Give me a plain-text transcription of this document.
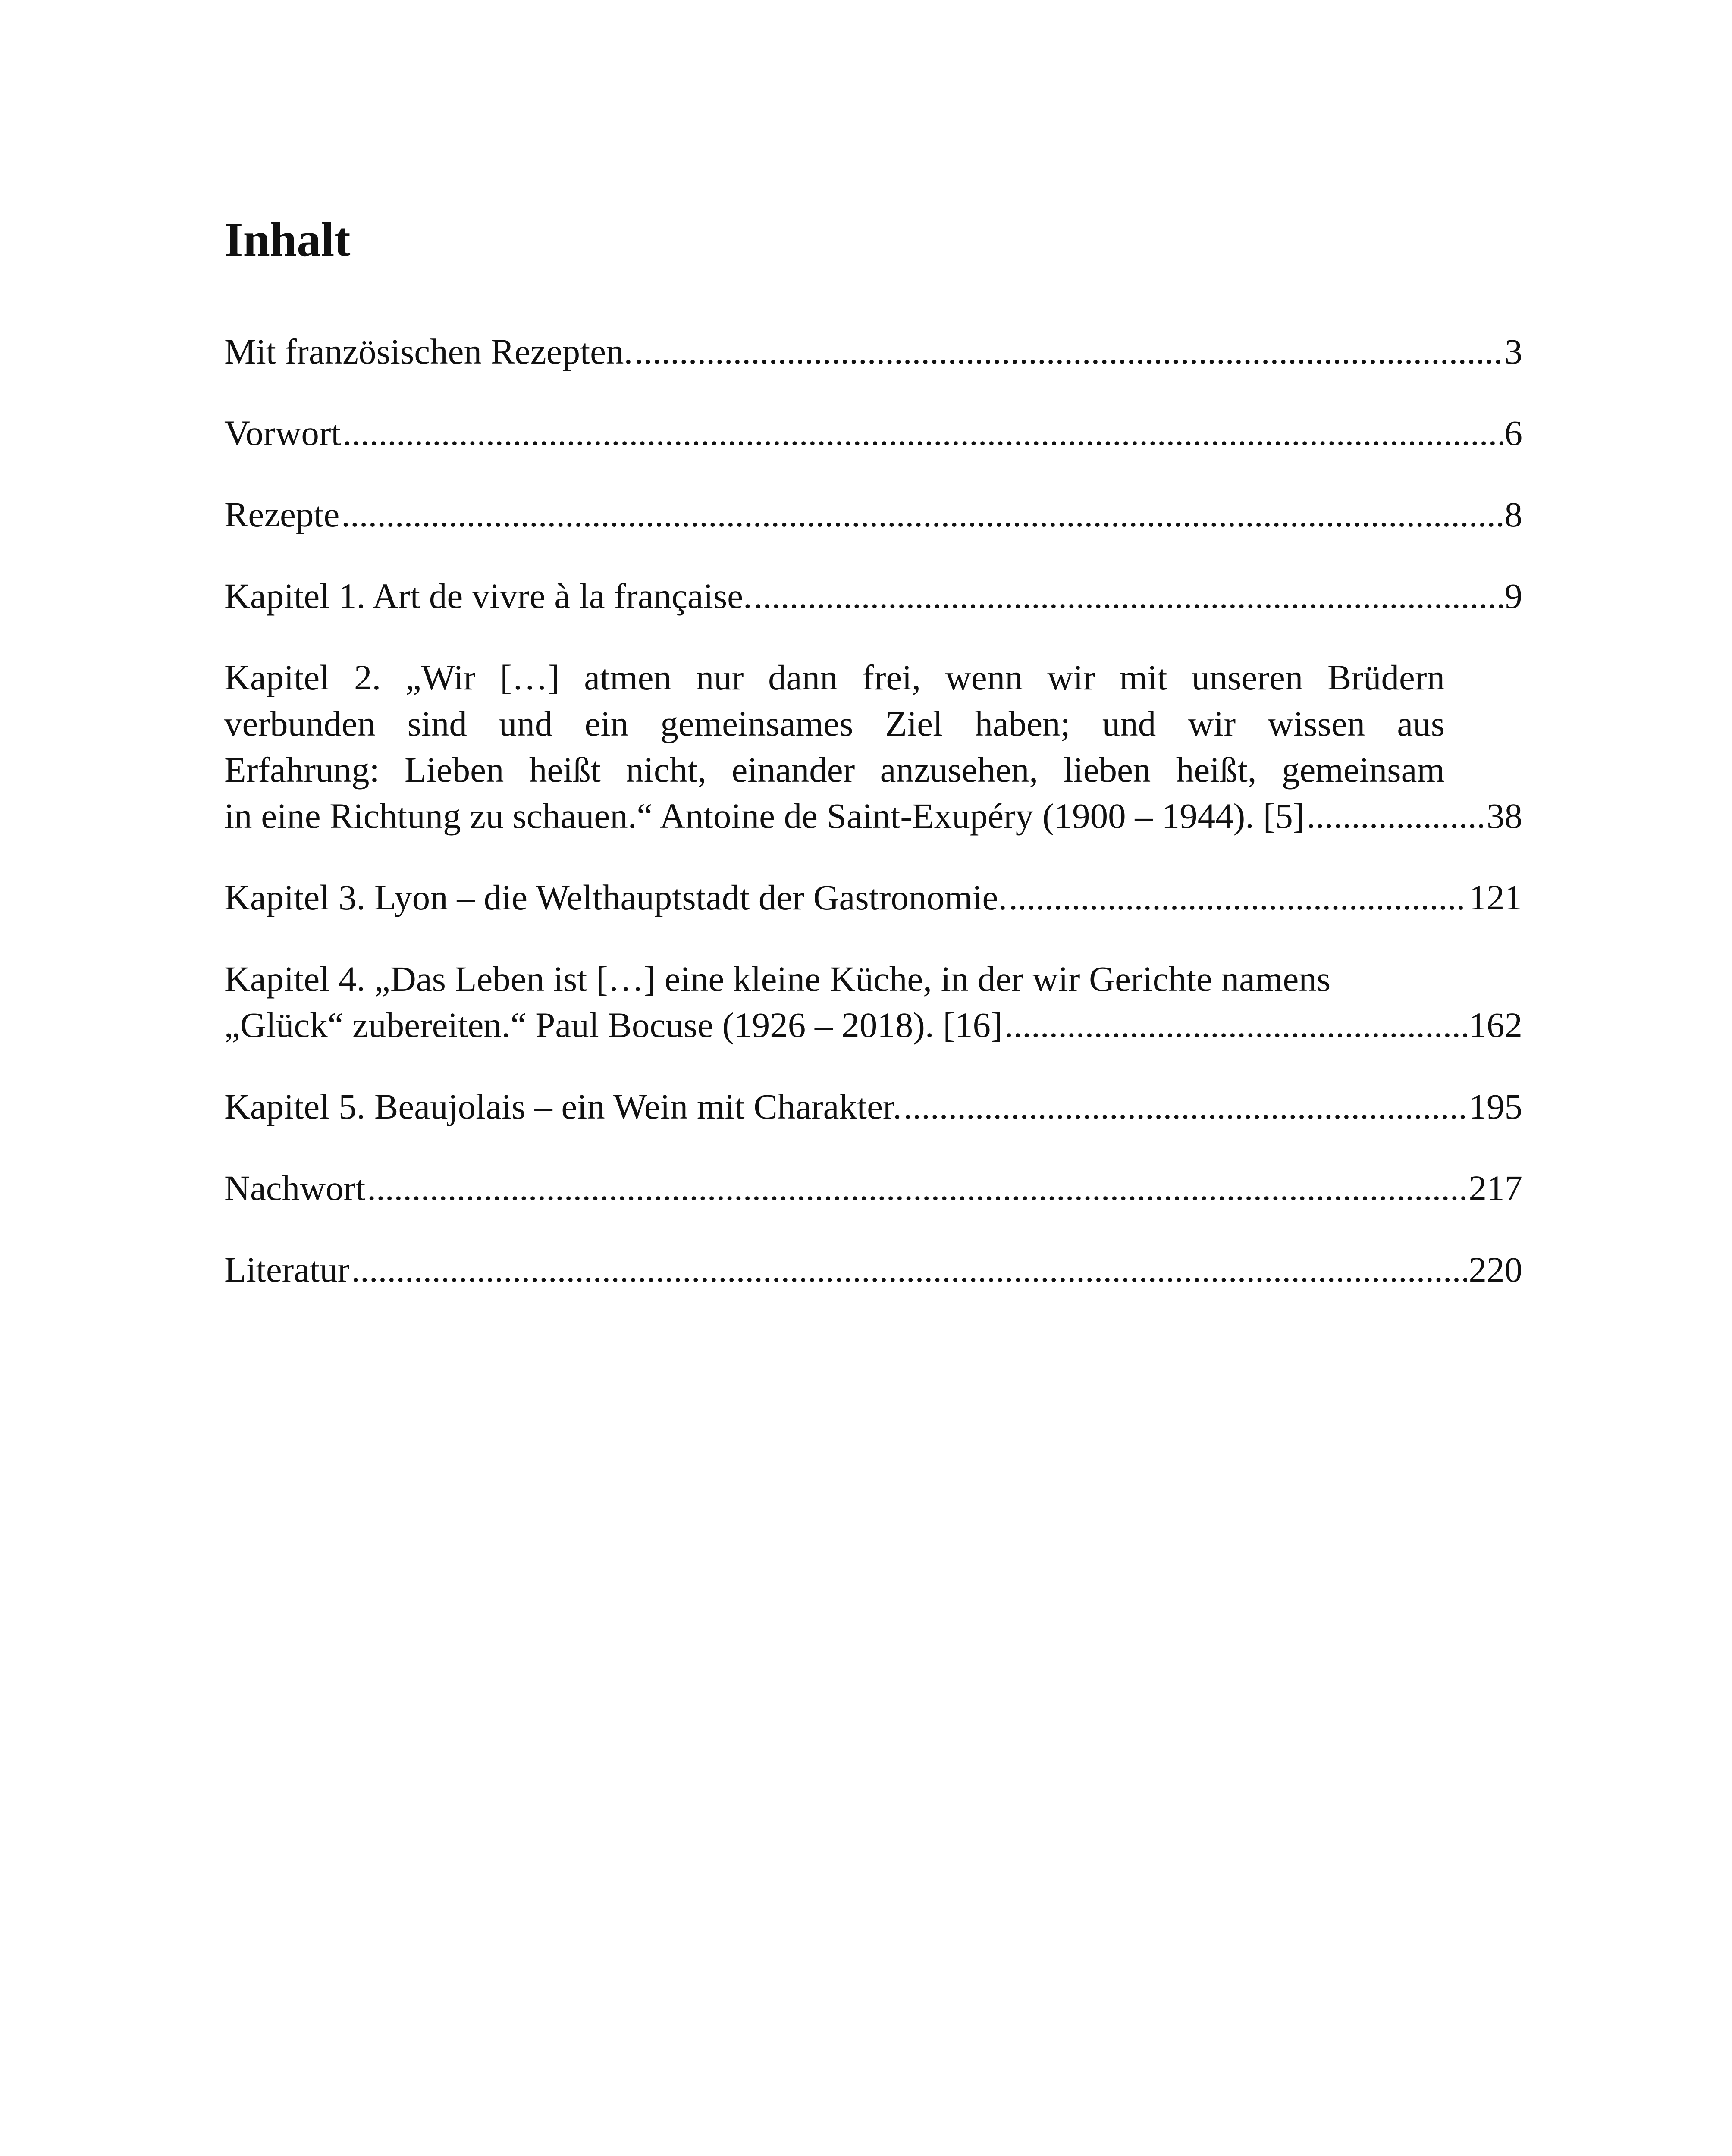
Inhalt
Mit französischen Rezepten. .....	3
Vorwort .....	6
Rezepte .....	8
Kapitel 1. Art de vivre à la française. .....	9
Kapitel 2. „Wir […] atmen nur dann frei, wenn wir mit unseren Brüdern
verbunden sind und ein gemeinsames Ziel haben; und wir wissen aus
Erfahrung: Lieben heißt nicht, einander anzusehen, lieben heißt, gemeinsam
in eine Richtung zu schauen.“ Antoine de Saint-Exupéry (1900 – 1944). [5] .....	38
Kapitel 3. Lyon – die Welthauptstadt der Gastronomie. .....	121
Kapitel 4. „Das Leben ist […] eine kleine Küche, in der wir Gerichte namens
„Glück“ zubereiten.“ Paul Bocuse (1926 – 2018). [16] .....	162
Kapitel 5. Beaujolais – ein Wein mit Charakter. .....	195
Nachwort .....	217
Literatur .....	220
